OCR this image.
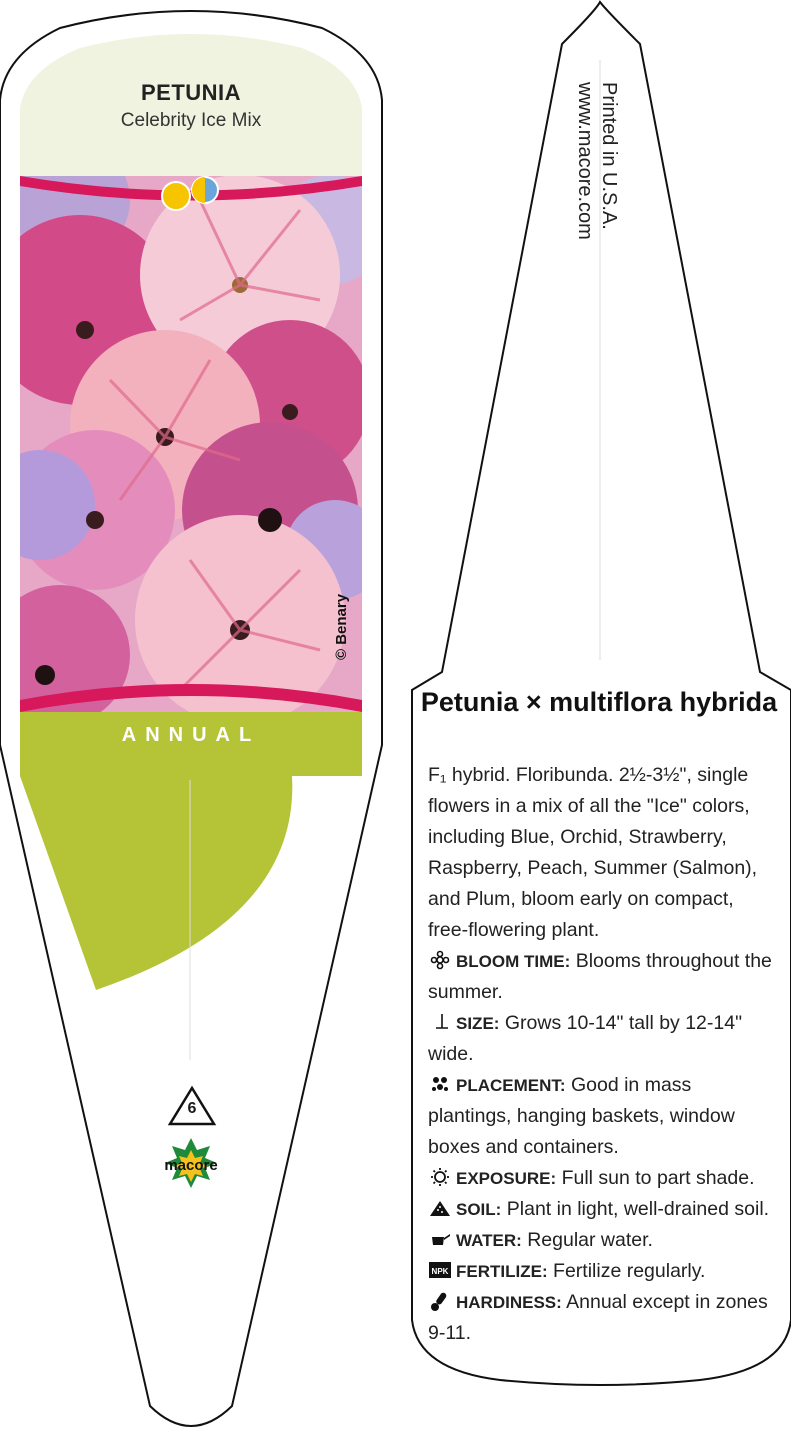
PETUNIA
Celebrity Ice Mix
ANNUAL
© Benary
6
macore
Printed in U.S.A.
www.macore.com
Petunia × multiflora hybrida
F₁ hybrid. Floribunda. 2½-3½", single flowers in a mix of all the "Ice" colors, including Blue, Orchid, Strawberry, Raspberry, Peach, Summer (Salmon), and Plum, bloom early on compact, free-flowering plant.
BLOOM TIME: Blooms throughout the summer.
SIZE: Grows 10-14" tall by 12-14" wide.
PLACEMENT: Good in mass plantings, hanging baskets, window boxes and containers.
EXPOSURE: Full sun to part shade.
SOIL: Plant in light, well-drained soil.
WATER: Regular water.
NPK FERTILIZE: Fertilize regularly.
HARDINESS: Annual except in zones 9-11.
